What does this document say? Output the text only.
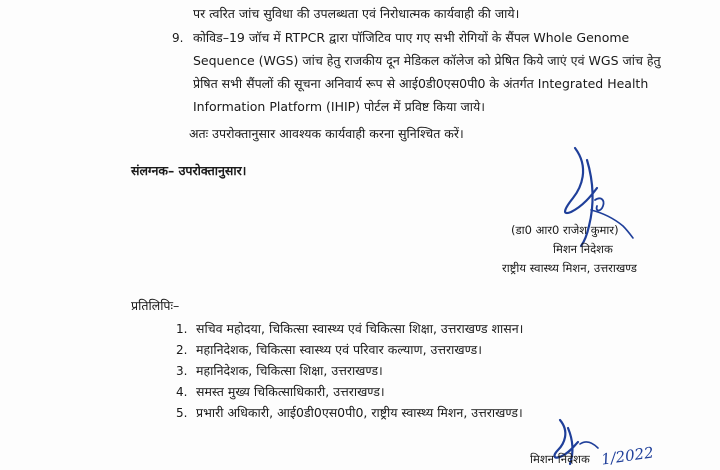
पर त्वरित जांच सुविधा की उपलब्धता एवं निरोधात्मक कार्यवाही की जाये।
9. कोविड–19 जॉच में RTPCR द्वारा पॉजिटिव पाए गए सभी रोगियों के सैंपल Whole Genome
Sequence (WGS) जांच हेतु राजकीय दून मेडिकल कॉलेज को प्रेषित किये जाएं एवं WGS जांच हेतु
प्रेषित सभी सैंपलों की सूचना अनिवार्य रूप से आई0डी0एस0पी0 के अंतर्गत Integrated Health
Information Platform (IHIP) पोर्टल में प्रविष्ट किया जाये।
अतः उपरोक्तानुसार आवश्यक कार्यवाही करना सुनिश्चित करें।
संलग्नक– उपरोक्तानुसार।
(डा0 आर0 राजेश कुमार)
मिशन निदेशक
राष्ट्रीय स्वास्थ्य मिशन, उत्तराखण्ड
प्रतिलिपिः–
1. सचिव महोदया, चिकित्सा स्वास्थ्य एवं चिकित्सा शिक्षा, उत्तराखण्ड शासन।
2. महानिदेशक, चिकित्सा स्वास्थ्य एवं परिवार कल्याण, उत्तराखण्ड।
3. महानिदेशक, चिकित्सा शिक्षा, उत्तराखण्ड।
4. समस्त मुख्य चिकित्साधिकारी, उत्तराखण्ड।
5. प्रभारी अधिकारी, आई0डी0एस0पी0, राष्ट्रीय स्वास्थ्य मिशन, उत्तराखण्ड।
मिशन निदेशक 1/2022
